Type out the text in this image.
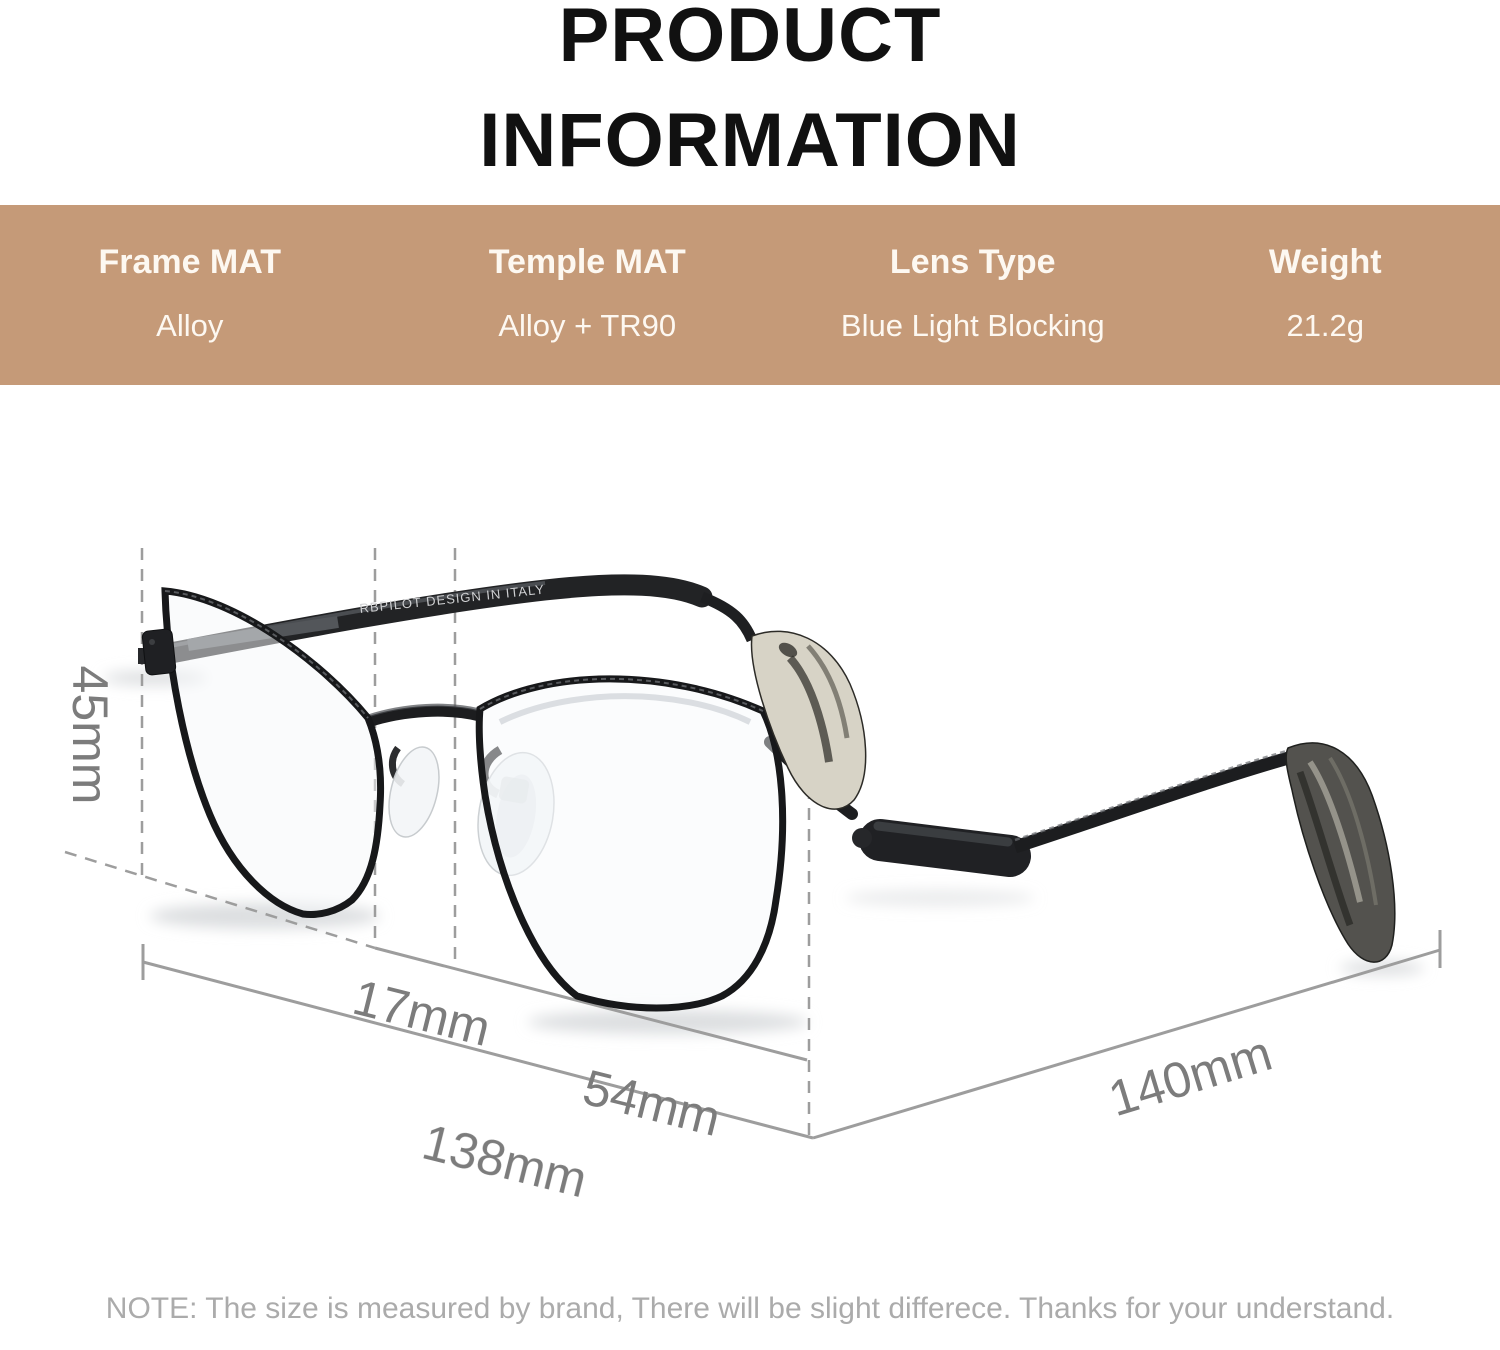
PRODUCT
INFORMATION
Frame MAT
Alloy
Temple MAT
Alloy + TR90
Lens Type
Blue Light Blocking
Weight
21.2g
45mm
17mm
54mm
138mm
140mm
RBPILOT DESIGN IN ITALY
NOTE: The size is measured by brand, There will be slight differece. Thanks for your understand.
